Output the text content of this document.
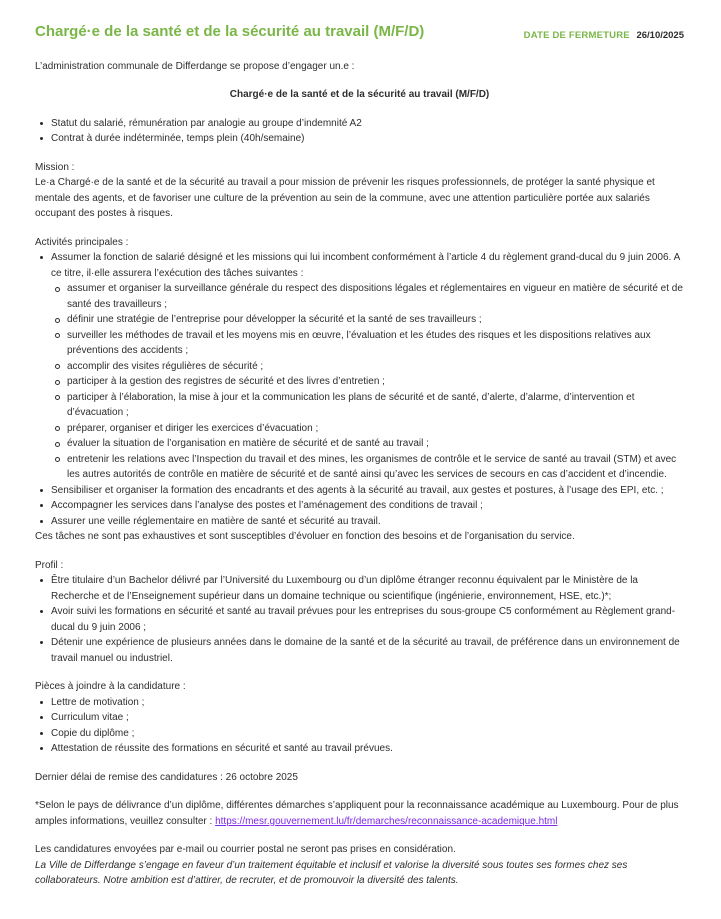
Chargé·e de la santé et de la sécurité au travail (M/F/D)	DATE DE FERMETURE 26/10/2025

L’administration communale de Differdange se propose d’engager un.e :

Chargé·e de la santé et de la sécurité au travail (M/F/D)

Statut du salarié, rémunération par analogie au groupe d’indemnité A2
Contrat à durée indéterminée, temps plein (40h/semaine)

Mission :

Le·a Chargé·e de la santé et de la sécurité au travail a pour mission de prévenir les risques professionnels, de protéger la santé physique et mentale des agents, et de favoriser une culture de la prévention au sein de la commune, avec une attention particulière portée aux salariés occupant des postes à risques.

Activités principales :

Assumer la fonction de salarié désigné et les missions qui lui incombent conformément à l’article 4 du règlement grand-ducal du 9 juin 2006. A ce titre, il·elle assurera l’exécution des tâches suivantes :
assumer et organiser la surveillance générale du respect des dispositions légales et réglementaires en vigueur en matière de sécurité et de santé des travailleurs ;
définir une stratégie de l’entreprise pour développer la sécurité et la santé de ses travailleurs ;
surveiller les méthodes de travail et les moyens mis en œuvre, l’évaluation et les études des risques et les dispositions relatives aux préventions des accidents ;
accomplir des visites régulières de sécurité ;
participer à la gestion des registres de sécurité et des livres d’entretien ;
participer à l’élaboration, la mise à jour et la communication les plans de sécurité et de santé, d’alerte, d’alarme, d’intervention et d’évacuation ;
préparer, organiser et diriger les exercices d’évacuation ;
évaluer la situation de l’organisation en matière de sécurité et de santé au travail ;
entretenir les relations avec l’Inspection du travail et des mines, les organismes de contrôle et le service de santé au travail (STM) et avec les autres autorités de contrôle en matière de sécurité et de santé ainsi qu’avec les services de secours en cas d’accident et d’incendie.
Sensibiliser et organiser la formation des encadrants et des agents à la sécurité au travail, aux gestes et postures, à l’usage des EPI, etc. ;
Accompagner les services dans l’analyse des postes et l’aménagement des conditions de travail ;
Assurer une veille réglementaire en matière de santé et sécurité au travail.

Ces tâches ne sont pas exhaustives et sont susceptibles d’évoluer en fonction des besoins et de l’organisation du service.

Profil :

Être titulaire d’un Bachelor délivré par l’Université du Luxembourg ou d’un diplôme étranger reconnu équivalent par le Ministère de la Recherche et de l’Enseignement supérieur dans un domaine technique ou scientifique (ingénierie, environnement, HSE, etc.)*;
Avoir suivi les formations en sécurité et santé au travail prévues pour les entreprises du sous-groupe C5 conformément au Règlement grand-ducal du 9 juin 2006 ;
Détenir une expérience de plusieurs années dans le domaine de la santé et de la sécurité au travail, de préférence dans un environnement de travail manuel ou industriel.

Pièces à joindre à la candidature :

Lettre de motivation ;
Curriculum vitae ;
Copie du diplôme ;
Attestation de réussite des formations en sécurité et santé au travail prévues.

Dernier délai de remise des candidatures : 26 octobre 2025

*Selon le pays de délivrance d’un diplôme, différentes démarches s’appliquent pour la reconnaissance académique au Luxembourg. Pour de plus amples informations, veuillez consulter : https://mesr.gouvernement.lu/fr/demarches/reconnaissance-academique.html

Les candidatures envoyées par e-mail ou courrier postal ne seront pas prises en considération.

La Ville de Differdange s’engage en faveur d’un traitement équitable et inclusif et valorise la diversité sous toutes ses formes chez ses collaborateurs. Notre ambition est d’attirer, de recruter, et de promouvoir la diversité des talents.
